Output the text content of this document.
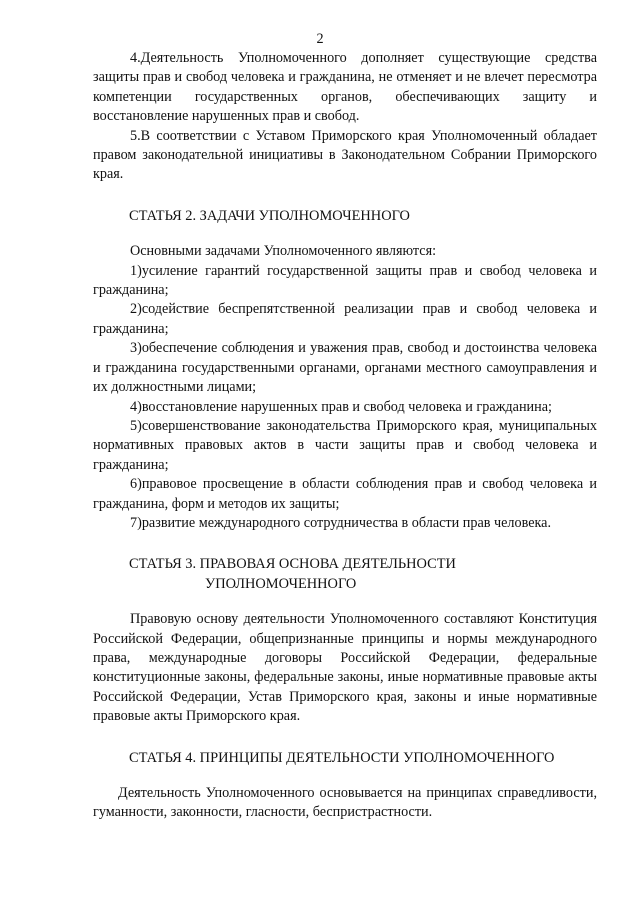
2

4.Деятельность Уполномоченного дополняет существующие средства защиты прав и свобод человека и гражданина, не отменяет и не влечет пересмотра компетенции государственных органов, обеспечивающих защиту и восстановление нарушенных прав и свобод.

5.В соответствии с Уставом Приморского края Уполномоченный обладает правом законодательной инициативы в Законодательном Собрании Приморского края.

СТАТЬЯ 2. ЗАДАЧИ УПОЛНОМОЧЕННОГО

Основными задачами Уполномоченного являются:

1)усиление гарантий государственной защиты прав и свобод человека и гражданина;

2)содействие беспрепятственной реализации прав и свобод человека и гражданина;

3)обеспечение соблюдения и уважения прав, свобод и достоинства человека и гражданина государственными органами, органами местного самоуправления и их должностными лицами;

4)восстановление нарушенных прав и свобод человека и гражданина;

5)совершенствование законодательства Приморского края, муниципальных нормативных правовых актов в части защиты прав и свобод человека и гражданина;

6)правовое просвещение в области соблюдения прав и свобод человека и гражданина, форм и методов их защиты;

7)развитие международного сотрудничества в области прав человека.

СТАТЬЯ 3. ПРАВОВАЯ ОСНОВА ДЕЯТЕЛЬНОСТИ
УПОЛНОМОЧЕННОГО

Правовую основу деятельности Уполномоченного составляют Конституция Российской Федерации, общепризнанные принципы и нормы международного права, международные договоры Российской Федерации, федеральные конституционные законы, федеральные законы, иные нормативные правовые акты Российской Федерации, Устав Приморского края, законы и иные нормативные правовые акты Приморского края.

СТАТЬЯ 4. ПРИНЦИПЫ ДЕЯТЕЛЬНОСТИ УПОЛНОМОЧЕННОГО

Деятельность Уполномоченного основывается на принципах справедливости, гуманности, законности, гласности, беспристрастности.
